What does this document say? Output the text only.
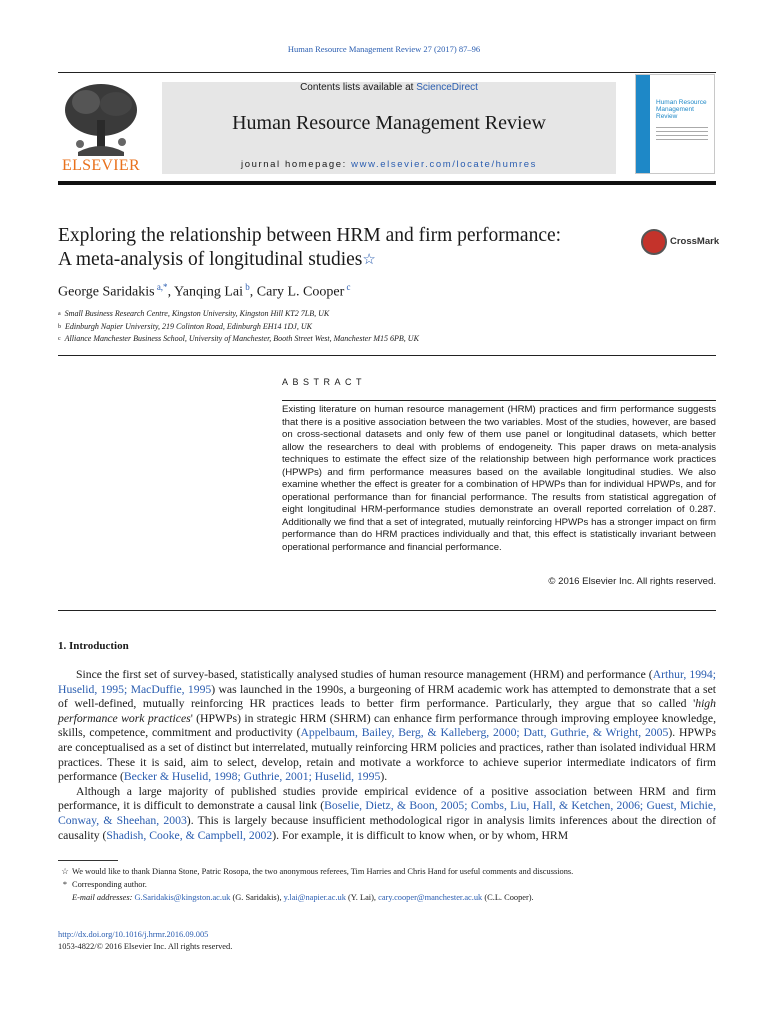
Human Resource Management Review 27 (2017) 87–96
ELSEVIER
Contents lists available at ScienceDirect
Human Resource Management Review
journal homepage: www.elsevier.com/locate/humres
Human Resource Management Review
Exploring the relationship between HRM and firm performance:
A meta-analysis of longitudinal studies☆
CrossMark
George Saridakis $^{a,*}$, Yanqing Lai $^b$, Cary L. Cooper $^c$
$^a$ Small Business Research Centre, Kingston University, Kingston Hill KT2 7LB, UK
$^b$ Edinburgh Napier University, 219 Colinton Road, Edinburgh EH14 1DJ, UK
$^c$ Alliance Manchester Business School, University of Manchester, Booth Street West, Manchester M15 6PB, UK
ABSTRACT
Existing literature on human resource management (HRM) practices and firm performance suggests that there is a positive association between the two variables. Most of the studies, however, are based on cross-sectional datasets and only few of them use panel or longitudinal datasets, which better allow the researchers to deal with problems of endogeneity. This paper draws on meta-analysis techniques to estimate the effect size of the relationship between high performance work practices (HPWPs) and firm performance measures based on the available longitudinal studies. We also examine whether the effect is greater for a combination of HPWPs than for individual HPWPs, and for operational performance than for financial performance. The results from statistical aggregation of eight longitudinal HRM-performance studies demonstrate an overall reported correlation of 0.287. Additionally we find that a set of integrated, mutually reinforcing HPWPs has a stronger impact on firm performance than do HRM practices individually and that, this effect is statistically invariant between operational performance and financial performance.
© 2016 Elsevier Inc. All rights reserved.
1. Introduction

Since the first set of survey-based, statistically analysed studies of human resource management (HRM) and performance (Arthur, 1994; Huselid, 1995; MacDuffie, 1995) was launched in the 1990s, a burgeoning of HRM academic work has attempted to demonstrate that a set of well-defined, mutually reinforcing HR practices leads to better firm performance. Particularly, they argue that so called 'high performance work practices' (HPWPs) in strategic HRM (SHRM) can enhance firm performance through improving employee knowledge, skills, competence, commitment and productivity (Appelbaum, Bailey, Berg, & Kalleberg, 2000; Datt, Guthrie, & Wright, 2005). HPWPs are conceptualised as a set of distinct but interrelated, mutually reinforcing HRM policies and practices, rather than isolated individual HRM practices. These it is said, aim to select, develop, retain and motivate a workforce to achieve superior intermediate indicators of firm performance (Becker & Huselid, 1998; Guthrie, 2001; Huselid, 1995).

Although a large majority of published studies provide empirical evidence of a positive association between HRM and firm performance, it is difficult to demonstrate a causal link (Boselie, Dietz, & Boon, 2005; Combs, Liu, Hall, & Ketchen, 2006; Guest, Michie, Conway, & Sheehan, 2003). This is largely because insufficient methodological rigor in analysis limits inferences about the direction of causality (Shadish, Cooke, & Campbell, 2002). For example, it is difficult to know when, or by whom, HRM

☆ We would like to thank Dianna Stone, Patric Rosopa, the two anonymous referees, Tim Harries and Chris Hand for useful comments and discussions.
* Corresponding author.
E-mail addresses: G.Saridakis@kingston.ac.uk (G. Saridakis), y.lai@napier.ac.uk (Y. Lai), cary.cooper@manchester.ac.uk (C.L. Cooper).
http://dx.doi.org/10.1016/j.hrmr.2016.09.005
1053-4822/© 2016 Elsevier Inc. All rights reserved.
